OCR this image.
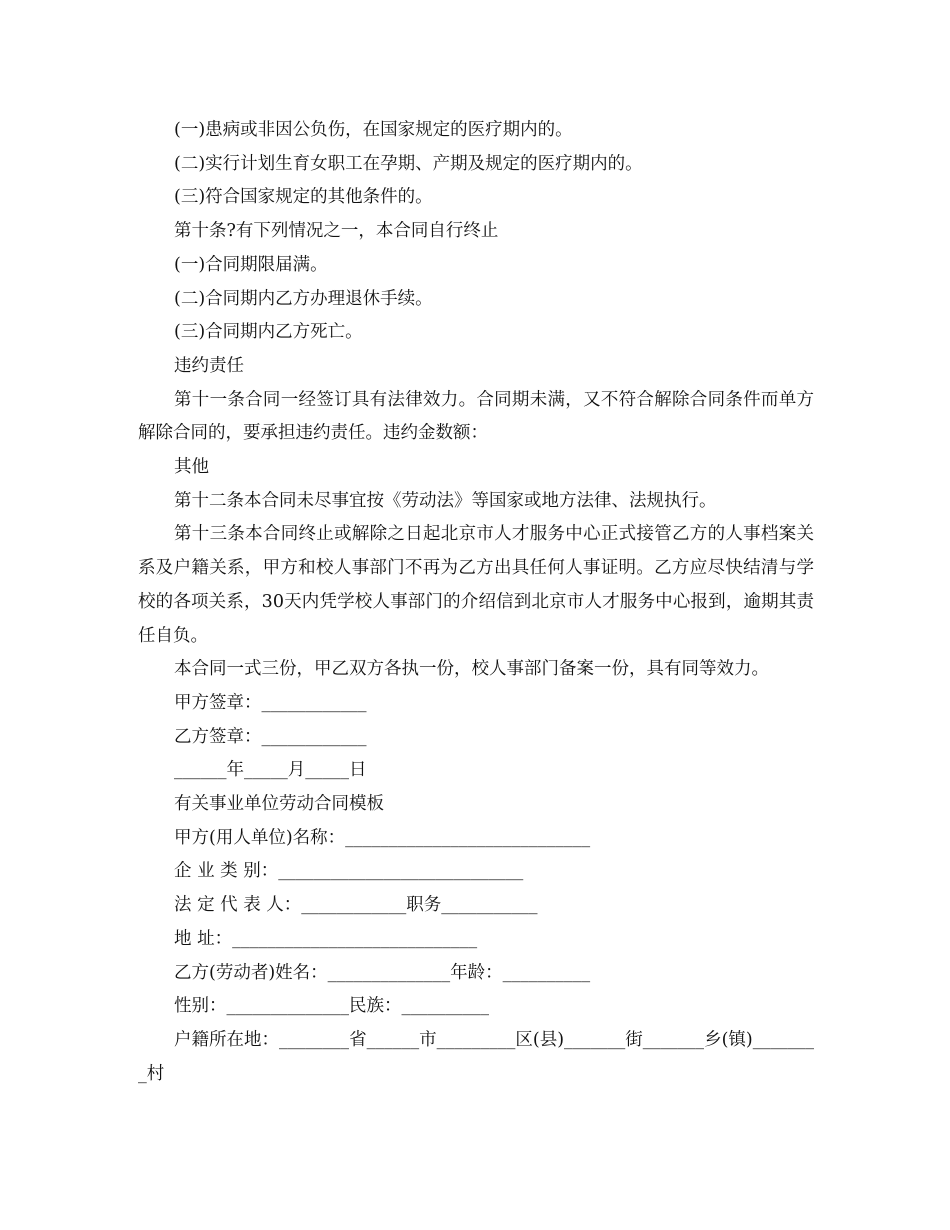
(一)患病或非因公负伤，在国家规定的医疗期内的。

(二)实行计划生育女职工在孕期、产期及规定的医疗期内的。

(三)符合国家规定的其他条件的。

第十条?有下列情况之一，本合同自行终止

(一)合同期限届满。

(二)合同期内乙方办理退休手续。

(三)合同期内乙方死亡。

违约责任

第十一条合同一经签订具有法律效力。合同期未满，又不符合解除合同条件而单方解除合同的，要承担违约责任。违约金数额：

其他

第十二条本合同未尽事宜按《劳动法》等国家或地方法律、法规执行。

第十三条本合同终止或解除之日起北京市人才服务中心正式接管乙方的人事档案关系及户籍关系，甲方和校人事部门不再为乙方出具任何人事证明。乙方应尽快结清与学校的各项关系，30天内凭学校人事部门的介绍信到北京市人才服务中心报到，逾期其责任自负。

本合同一式三份，甲乙双方各执一份，校人事部门备案一份，具有同等效力。

甲方签章：____________

乙方签章：____________

______年_____月_____日

有关事业单位劳动合同模板

甲方(用人单位)名称：____________________________

企 业 类 别：____________________________

法 定 代 表 人：____________职务___________

地 址：____________________________

乙方(劳动者)姓名：______________年龄：__________

性别：______________民族：__________

户籍所在地：________省______市_________区(县)_______街_______乡(镇)________村
